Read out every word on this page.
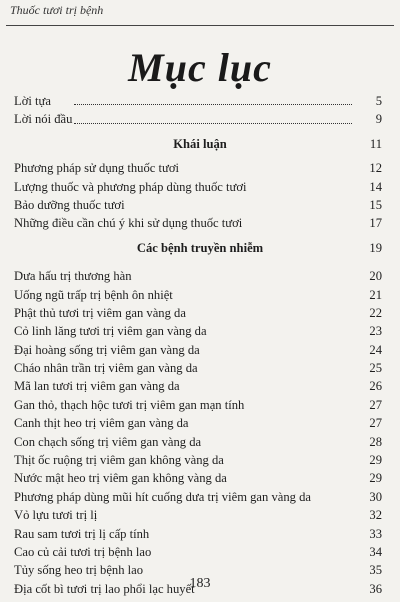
Thuốc tươi trị bệnh
Mục lục
Lời tựa	5
Lời nói đầu	9
Khái luận	11
Phương pháp sử dụng thuốc tươi	12
Lượng thuốc và phương pháp dùng thuốc tươi	14
Bảo dưỡng thuốc tươi	15
Những điều cần chú ý khi sử dụng thuốc tươi	17
Các bệnh truyền nhiễm	19
Dưa hấu trị thương hàn	20
Uống ngũ trấp trị bệnh ôn nhiệt	21
Phật thủ tươi trị viêm gan vàng da	22
Cỏ linh lăng tươi trị viêm gan vàng da	23
Đại hoàng sống trị viêm gan vàng da	24
Cháo nhân trần trị viêm gan vàng da	25
Mã lan tươi trị viêm gan vàng da	26
Gan thỏ, thạch hộc tươi trị viêm gan mạn tính	27
Canh thịt heo trị viêm gan vàng da	27
Con chạch sống trị viêm gan vàng da	28
Thịt ốc ruộng trị viêm gan không vàng da	29
Nước mật heo trị viêm gan không vàng da	29
Phương pháp dùng mũi hít cuống dưa trị viêm gan vàng da	30
Vỏ lựu tươi trị lị	32
Rau sam tươi trị lị cấp tính	33
Cao củ cải tươi trị bệnh lao	34
Tủy sống heo trị bệnh lao	35
Địa cốt bì tươi trị lao phổi lạc huyết	36
183
